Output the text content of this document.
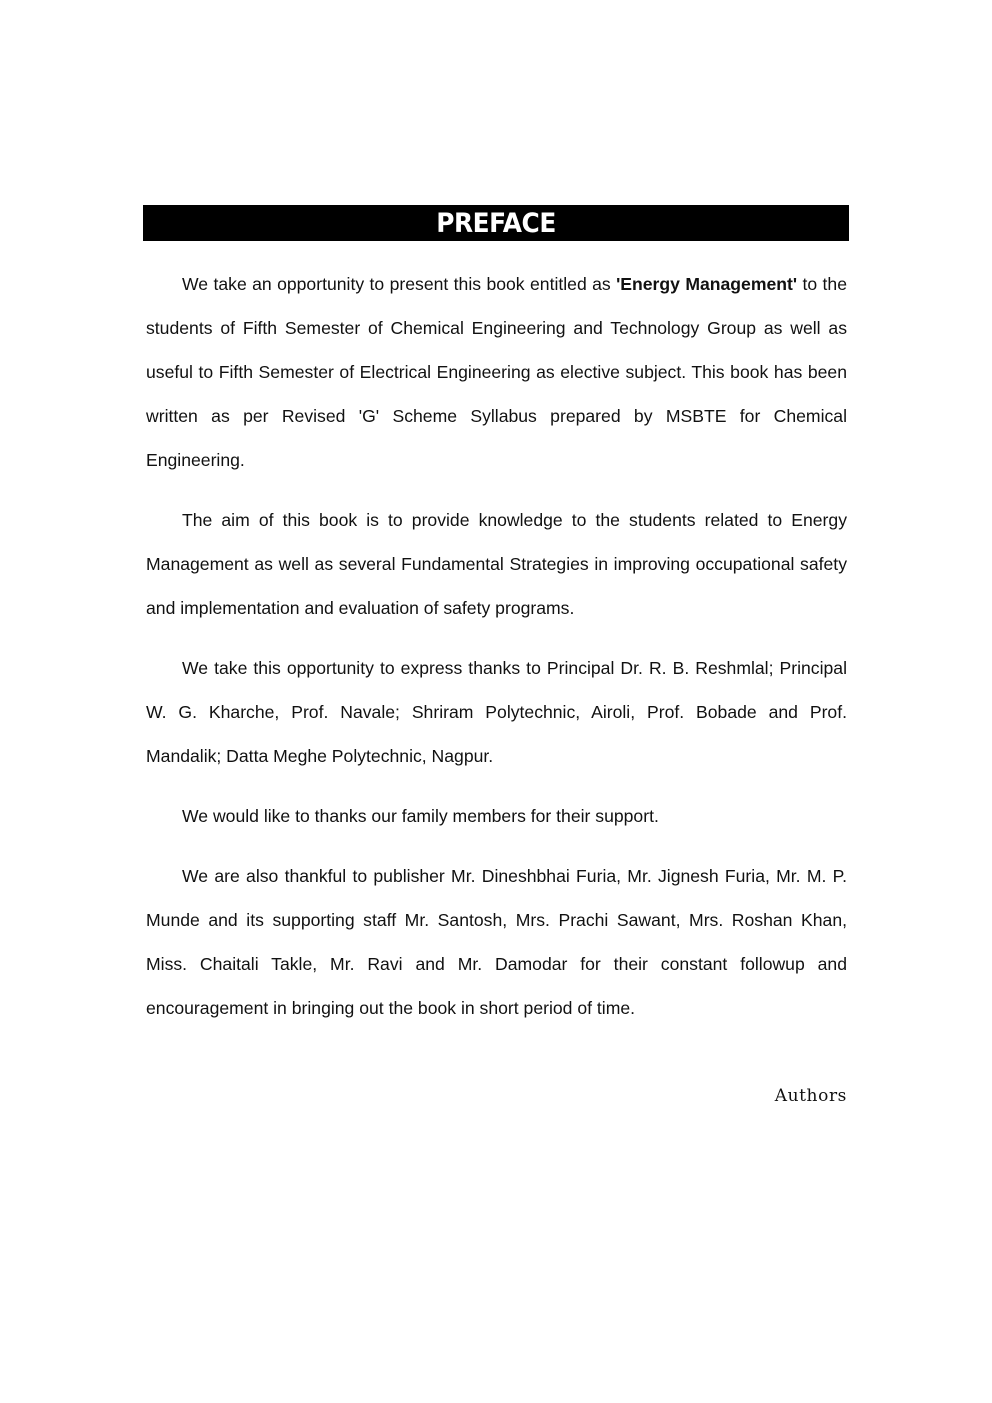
PREFACE

We take an opportunity to present this book entitled as 'Energy Management' to the students of Fifth Semester of Chemical Engineering and Technology Group as well as useful to Fifth Semester of Electrical Engineering as elective subject. This book has been written as per Revised 'G' Scheme Syllabus prepared by MSBTE for Chemical Engineering.

The aim of this book is to provide knowledge to the students related to Energy Management as well as several Fundamental Strategies in improving occupational safety and implementation and evaluation of safety programs.

We take this opportunity to express thanks to Principal Dr. R. B. Reshmlal; Principal W. G. Kharche, Prof. Navale; Shriram Polytechnic, Airoli, Prof. Bobade and Prof. Mandalik; Datta Meghe Polytechnic, Nagpur.

We would like to thanks our family members for their support.

We are also thankful to publisher Mr. Dineshbhai Furia, Mr. Jignesh Furia, Mr. M. P. Munde and its supporting staff Mr. Santosh, Mrs. Prachi Sawant, Mrs. Roshan Khan, Miss. Chaitali Takle, Mr. Ravi and Mr. Damodar for their constant followup and encouragement in bringing out the book in short period of time.

Authors
